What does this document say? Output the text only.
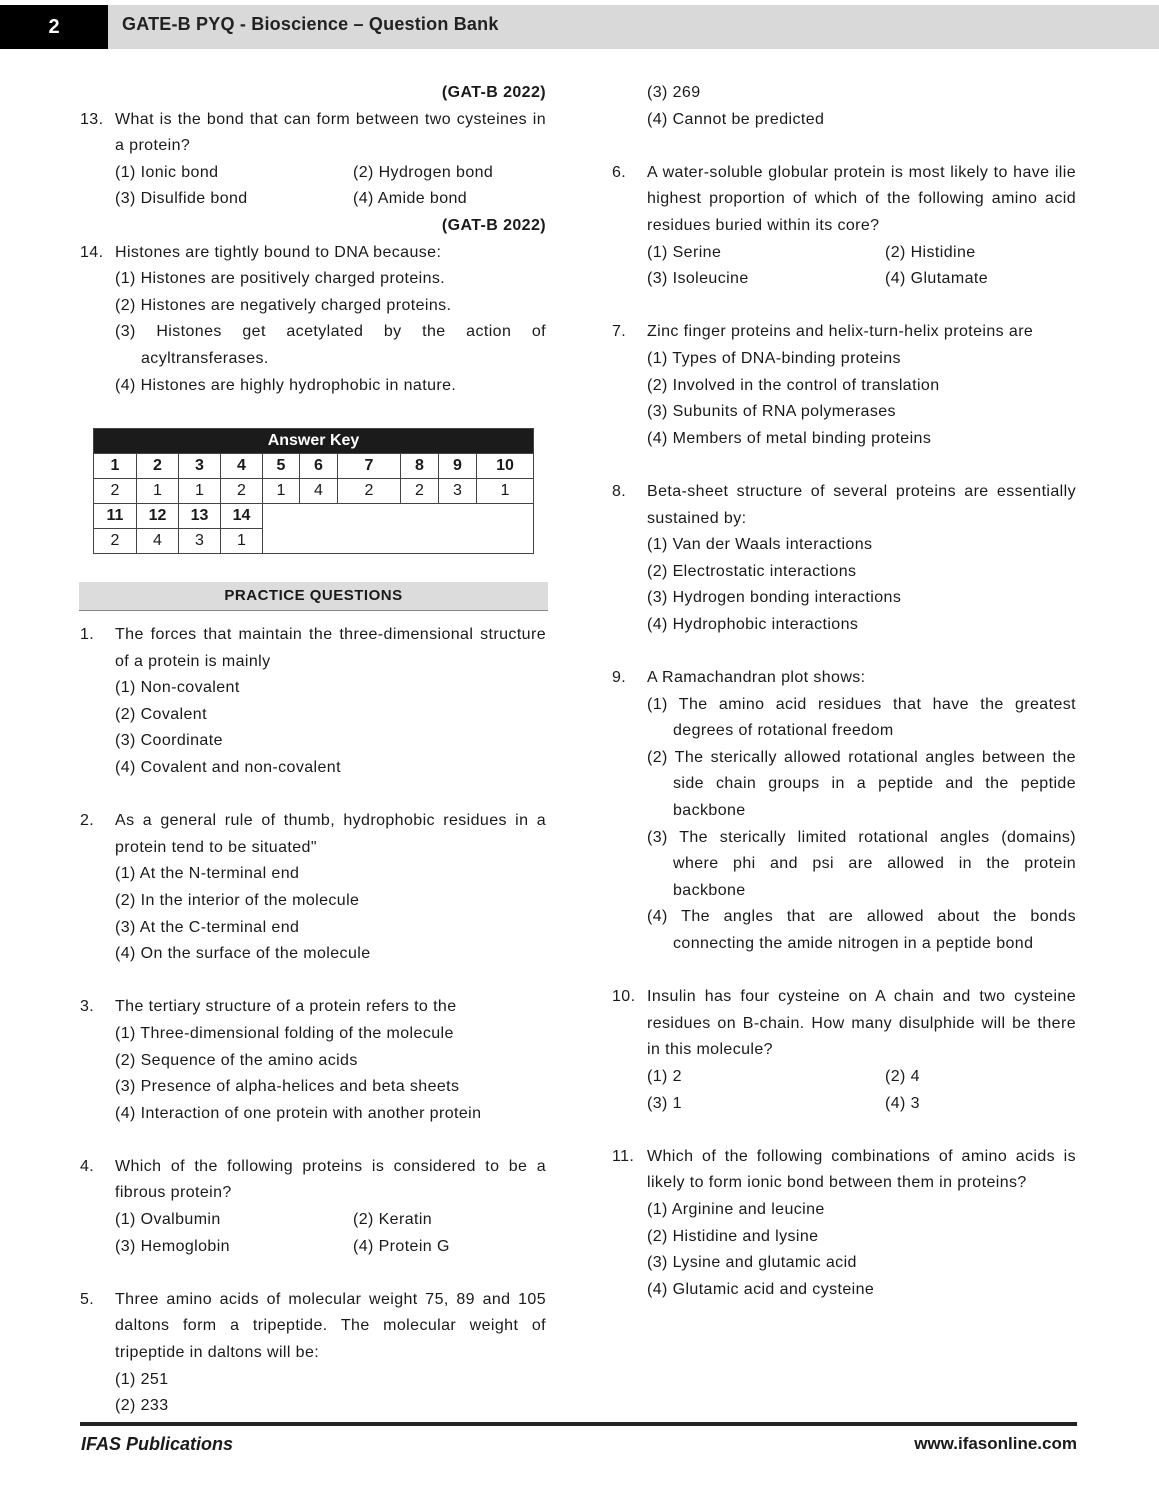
2	GATE-B PYQ - Bioscience – Question Bank
(GAT-B 2022)
13. What is the bond that can form between two cysteines in a protein?
(1) Ionic bond	(2) Hydrogen bond
(3) Disulfide bond	(4) Amide bond
(GAT-B 2022)
14. Histones are tightly bound to DNA because:
(1) Histones are positively charged proteins.
(2) Histones are negatively charged proteins.
(3) Histones get acetylated by the action of acyltransferases.
(4) Histones are highly hydrophobic in nature.
Answer Key									
1	2	3	4	5	6	7	8	9	10
2	1	1	2	1	4	2	2	3	1
11	12	13	14						
2	4	3	1						
PRACTICE QUESTIONS
1.	The forces that maintain the three-dimensional structure of a protein is mainly
(1) Non-covalent
(2) Covalent
(3) Coordinate
(4) Covalent and non-covalent
2.	As a general rule of thumb, hydrophobic residues in a protein tend to be situated"
(1) At the N-terminal end
(2) In the interior of the molecule
(3) At the C-terminal end
(4) On the surface of the molecule
3.	The tertiary structure of a protein refers to the
(1) Three-dimensional folding of the molecule
(2) Sequence of the amino acids
(3) Presence of alpha-helices and beta sheets
(4) Interaction of one protein with another protein
4.	Which of the following proteins is considered to be a fibrous protein?
(1) Ovalbumin	(2) Keratin
(3) Hemoglobin	(4) Protein G
5.	Three amino acids of molecular weight 75, 89 and 105 daltons form a tripeptide. The molecular weight of tripeptide in daltons will be:
(1) 251
(2) 233
(3) 269
(4) Cannot be predicted
6.	A water-soluble globular protein is most likely to have ilie highest proportion of which of the following amino acid residues buried within its core?
(1) Serine	(2) Histidine
(3) Isoleucine	(4) Glutamate
7.	Zinc finger proteins and helix-turn-helix proteins are
(1) Types of DNA-binding proteins
(2) Involved in the control of translation
(3) Subunits of RNA polymerases
(4) Members of metal binding proteins
8.	Beta-sheet structure of several proteins are essentially sustained by:
(1) Van der Waals interactions
(2) Electrostatic interactions
(3) Hydrogen bonding interactions
(4) Hydrophobic interactions
9.	A Ramachandran plot shows:
(1) The amino acid residues that have the greatest degrees of rotational freedom
(2) The sterically allowed rotational angles between the side chain groups in a peptide and the peptide backbone
(3) The sterically limited rotational angles (domains) where phi and psi are allowed in the protein backbone
(4) The angles that are allowed about the bonds connecting the amide nitrogen in a peptide bond
10. Insulin has four cysteine on A chain and two cysteine residues on B-chain. How many disulphide will be there in this molecule?
(1) 2	(2) 4
(3) 1	(4) 3
11. Which of the following combinations of amino acids is likely to form ionic bond between them in proteins?
(1) Arginine and leucine
(2) Histidine and lysine
(3) Lysine and glutamic acid
(4) Glutamic acid and cysteine
IFAS Publications	www.ifasonline.com
